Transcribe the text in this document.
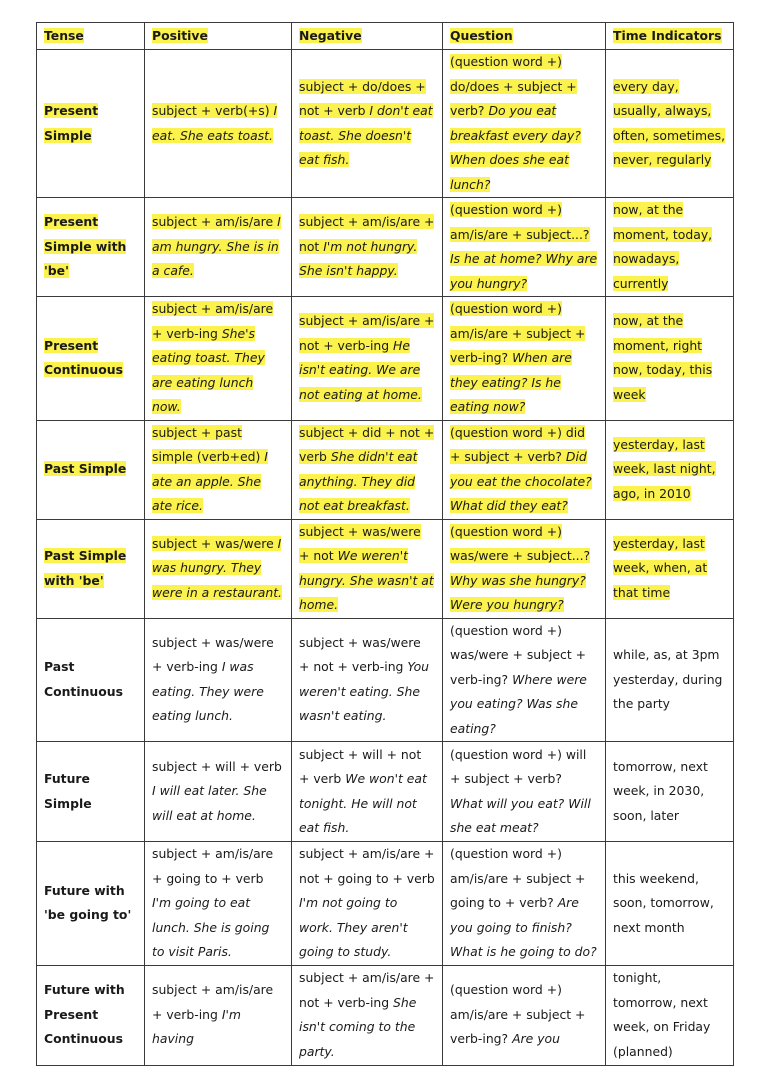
Tense	Positive	Negative	Question	Time Indicators
Present Simple	subject + verb(+s) I eat. She eats toast.	subject + do/does + not + verb I don't eat toast. She doesn't eat fish.	(question word +) do/does + subject + verb? Do you eat breakfast every day? When does she eat lunch?	every day, usually, always, often, sometimes, never, regularly
Present Simple with 'be'	subject + am/is/are I am hungry. She is in a cafe.	subject + am/is/are + not I'm not hungry. She isn't happy.	(question word +) am/is/are + subject...? Is he at home? Why are you hungry?	now, at the moment, today, nowadays, currently
Present Continuous	subject + am/is/are + verb-ing She's eating toast. They are eating lunch now.	subject + am/is/are + not + verb-ing He isn't eating. We are not eating at home.	(question word +) am/is/are + subject + verb-ing? When are they eating? Is he eating now?	now, at the moment, right now, today, this week
Past Simple	subject + past simple (verb+ed) I ate an apple. She ate rice.	subject + did + not + verb She didn't eat anything. They did not eat breakfast.	(question word +) did + subject + verb? Did you eat the chocolate? What did they eat?	yesterday, last week, last night, ago, in 2010
Past Simple with 'be'	subject + was/were I was hungry. They were in a restaurant.	subject + was/were + not We weren't hungry. She wasn't at home.	(question word +) was/were + subject...? Why was she hungry? Were you hungry?	yesterday, last week, when, at that time
Past Continuous	subject + was/were + verb-ing I was eating. They were eating lunch.	subject + was/were + not + verb-ing You weren't eating. She wasn't eating.	(question word +) was/were + subject + verb-ing? Where were you eating? Was she eating?	while, as, at 3pm yesterday, during the party
Future Simple	subject + will + verb I will eat later. She will eat at home.	subject + will + not + verb We won't eat tonight. He will not eat fish.	(question word +) will + subject + verb? What will you eat? Will she eat meat?	tomorrow, next week, in 2030, soon, later
Future with 'be going to'	subject + am/is/are + going to + verb I'm going to eat lunch. She is going to visit Paris.	subject + am/is/are + not + going to + verb I'm not going to work. They aren't going to study.	(question word +) am/is/are + subject + going to + verb? Are you going to finish? What is he going to do?	this weekend, soon, tomorrow, next month
Future with Present Continuous	subject + am/is/are + verb-ing I'm having	subject + am/is/are + not + verb-ing She isn't coming to the party.	(question word +) am/is/are + subject + verb-ing? Are you	tonight, tomorrow, next week, on Friday (planned)
